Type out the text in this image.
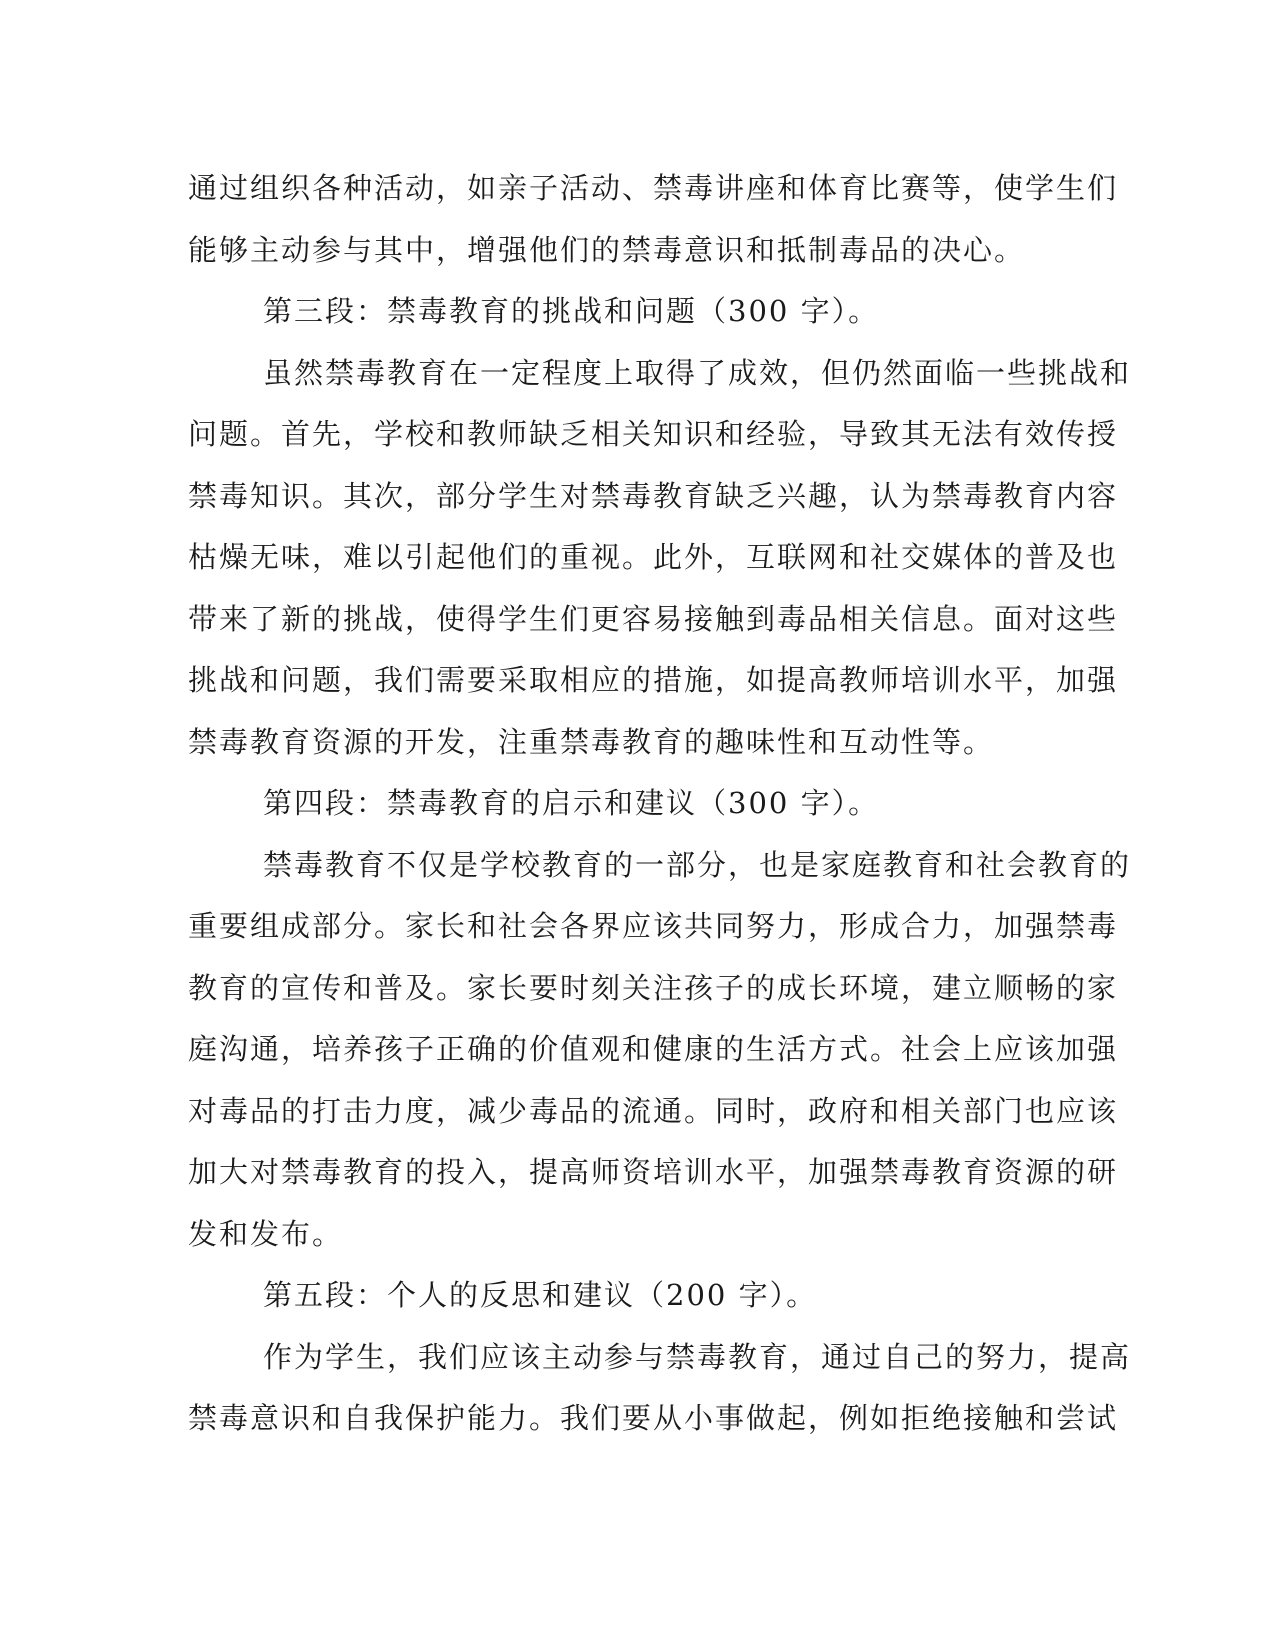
通过组织各种活动，如亲子活动、禁毒讲座和体育比赛等，使学生们
能够主动参与其中，增强他们的禁毒意识和抵制毒品的决心。
第三段：禁毒教育的挑战和问题（300 字）。
虽然禁毒教育在一定程度上取得了成效，但仍然面临一些挑战和
问题。首先，学校和教师缺乏相关知识和经验，导致其无法有效传授
禁毒知识。其次，部分学生对禁毒教育缺乏兴趣，认为禁毒教育内容
枯燥无味，难以引起他们的重视。此外，互联网和社交媒体的普及也
带来了新的挑战，使得学生们更容易接触到毒品相关信息。面对这些
挑战和问题，我们需要采取相应的措施，如提高教师培训水平，加强
禁毒教育资源的开发，注重禁毒教育的趣味性和互动性等。
第四段：禁毒教育的启示和建议（300 字）。
禁毒教育不仅是学校教育的一部分，也是家庭教育和社会教育的
重要组成部分。家长和社会各界应该共同努力，形成合力，加强禁毒
教育的宣传和普及。家长要时刻关注孩子的成长环境，建立顺畅的家
庭沟通，培养孩子正确的价值观和健康的生活方式。社会上应该加强
对毒品的打击力度，减少毒品的流通。同时，政府和相关部门也应该
加大对禁毒教育的投入，提高师资培训水平，加强禁毒教育资源的研
发和发布。
第五段：个人的反思和建议（200 字）。
作为学生，我们应该主动参与禁毒教育，通过自己的努力，提高
禁毒意识和自我保护能力。我们要从小事做起，例如拒绝接触和尝试
